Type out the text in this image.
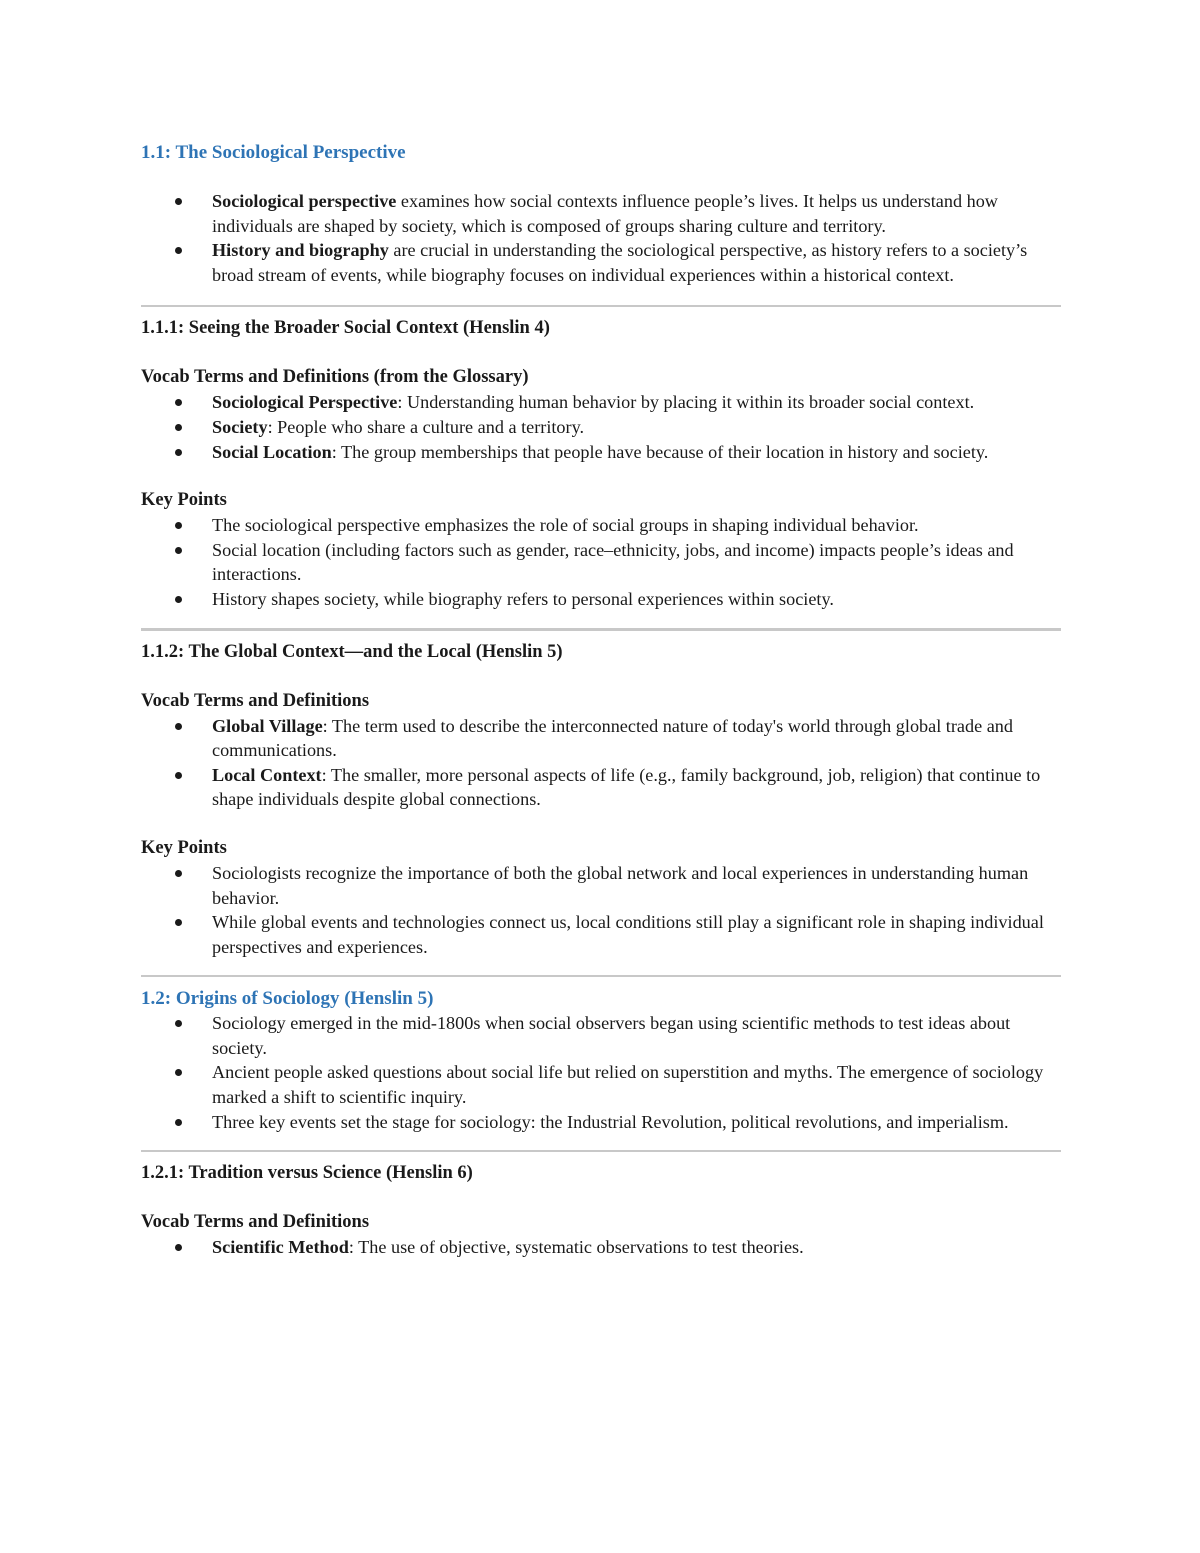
1.1: The Sociological Perspective

Sociological perspective examines how social contexts influence people’s lives. It helps us understand how individuals are shaped by society, which is composed of groups sharing culture and territory.
History and biography are crucial in understanding the sociological perspective, as history refers to a society’s broad stream of events, while biography focuses on individual experiences within a historical context.

1.1.1: Seeing the Broader Social Context (Henslin 4)

Vocab Terms and Definitions (from the Glossary)

Sociological Perspective: Understanding human behavior by placing it within its broader social context.
Society: People who share a culture and a territory.
Social Location: The group memberships that people have because of their location in history and society.

Key Points

The sociological perspective emphasizes the role of social groups in shaping individual behavior.
Social location (including factors such as gender, race–ethnicity, jobs, and income) impacts people’s ideas and interactions.
History shapes society, while biography refers to personal experiences within society.

1.1.2: The Global Context—and the Local (Henslin 5)

Vocab Terms and Definitions

Global Village: The term used to describe the interconnected nature of today's world through global trade and communications.
Local Context: The smaller, more personal aspects of life (e.g., family background, job, religion) that continue to shape individuals despite global connections.

Key Points

Sociologists recognize the importance of both the global network and local experiences in understanding human behavior.
While global events and technologies connect us, local conditions still play a significant role in shaping individual perspectives and experiences.

1.2: Origins of Sociology (Henslin 5)

Sociology emerged in the mid-1800s when social observers began using scientific methods to test ideas about society.
Ancient people asked questions about social life but relied on superstition and myths. The emergence of sociology marked a shift to scientific inquiry.
Three key events set the stage for sociology: the Industrial Revolution, political revolutions, and imperialism.

1.2.1: Tradition versus Science (Henslin 6)

Vocab Terms and Definitions

Scientific Method: The use of objective, systematic observations to test theories.
